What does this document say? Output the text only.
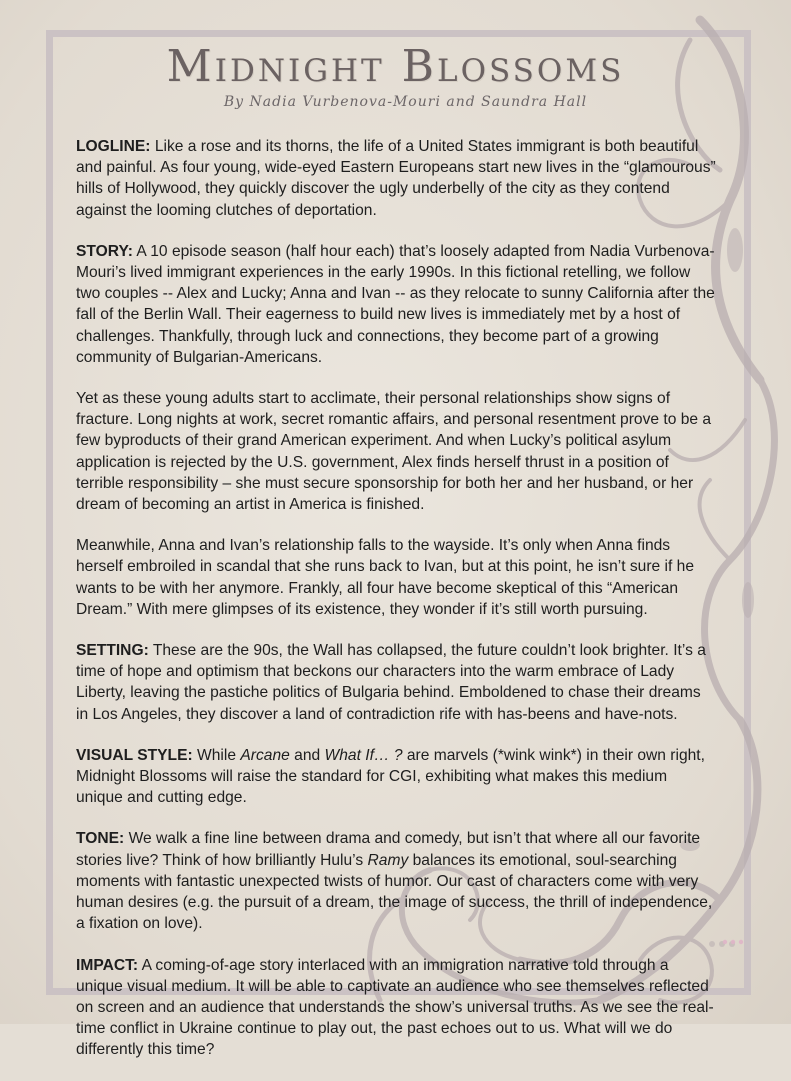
Midnight Blossoms
By Nadia Vurbenova-Mouri and Saundra Hall

LOGLINE: Like a rose and its thorns, the life of a United States immigrant is both beautiful and painful. As four young, wide-eyed Eastern Europeans start new lives in the “glamourous” hills of Hollywood, they quickly discover the ugly underbelly of the city as they contend against the looming clutches of deportation.

STORY: A 10 episode season (half hour each) that’s loosely adapted from Nadia Vurbenova-Mouri’s lived immigrant experiences in the early 1990s. In this fictional retelling, we follow two couples -- Alex and Lucky; Anna and Ivan -- as they relocate to sunny California after the fall of the Berlin Wall. Their eagerness to build new lives is immediately met by a host of challenges. Thankfully, through luck and connections, they become part of a growing community of Bulgarian-Americans.

Yet as these young adults start to acclimate, their personal relationships show signs of fracture. Long nights at work, secret romantic affairs, and personal resentment prove to be a few byproducts of their grand American experiment. And when Lucky’s political asylum application is rejected by the U.S. government, Alex finds herself thrust in a position of terrible responsibility – she must secure sponsorship for both her and her husband, or her dream of becoming an artist in America is finished.

Meanwhile, Anna and Ivan’s relationship falls to the wayside. It’s only when Anna finds herself embroiled in scandal that she runs back to Ivan, but at this point, he isn’t sure if he wants to be with her anymore. Frankly, all four have become skeptical of this “American Dream.” With mere glimpses of its existence, they wonder if it’s still worth pursuing.

SETTING: These are the 90s, the Wall has collapsed, the future couldn’t look brighter. It’s a time of hope and optimism that beckons our characters into the warm embrace of Lady Liberty, leaving the pastiche politics of Bulgaria behind. Emboldened to chase their dreams in Los Angeles, they discover a land of contradiction rife with has-beens and have-nots.

VISUAL STYLE: While Arcane and What If… ? are marvels (*wink wink*) in their own right, Midnight Blossoms will raise the standard for CGI, exhibiting what makes this medium unique and cutting edge.

TONE: We walk a fine line between drama and comedy, but isn’t that where all our favorite stories live? Think of how brilliantly Hulu’s Ramy balances its emotional, soul-searching moments with fantastic unexpected twists of humor. Our cast of characters come with very human desires (e.g. the pursuit of a dream, the image of success, the thrill of independence, a fixation on love).

IMPACT: A coming-of-age story interlaced with an immigration narrative told through a unique visual medium. It will be able to captivate an audience who see themselves reflected on screen and an audience that understands the show’s universal truths. As we see the real-time conflict in Ukraine continue to play out, the past echoes out to us. What will we do differently this time?
